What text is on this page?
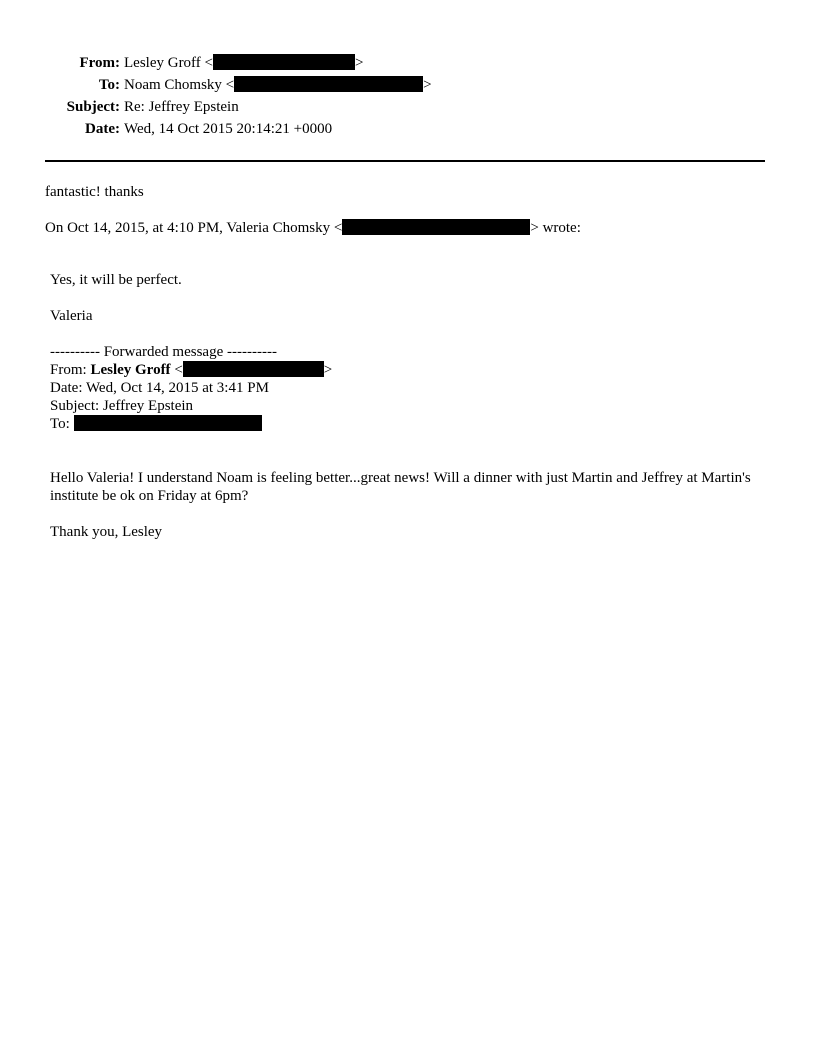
From: Lesley Groff <	>
To: Noam Chomsky <	>
Subject: Re: Jeffrey Epstein
Date: Wed, 14 Oct 2015 20:14:21 +0000
fantastic! thanks
On Oct 14, 2015, at 4:10 PM, Valeria Chomsky <	> wrote:
Yes, it will be perfect.
Valeria
---------- Forwarded message ----------
From: Lesley Groff <	>
Date: Wed, Oct 14, 2015 at 3:41 PM
Subject: Jeffrey Epstein
To:
Hello Valeria! I understand Noam is feeling better...great news! Will a dinner with just Martin and Jeffrey at Martin's institute be ok on Friday at 6pm?
Thank you, Lesley
